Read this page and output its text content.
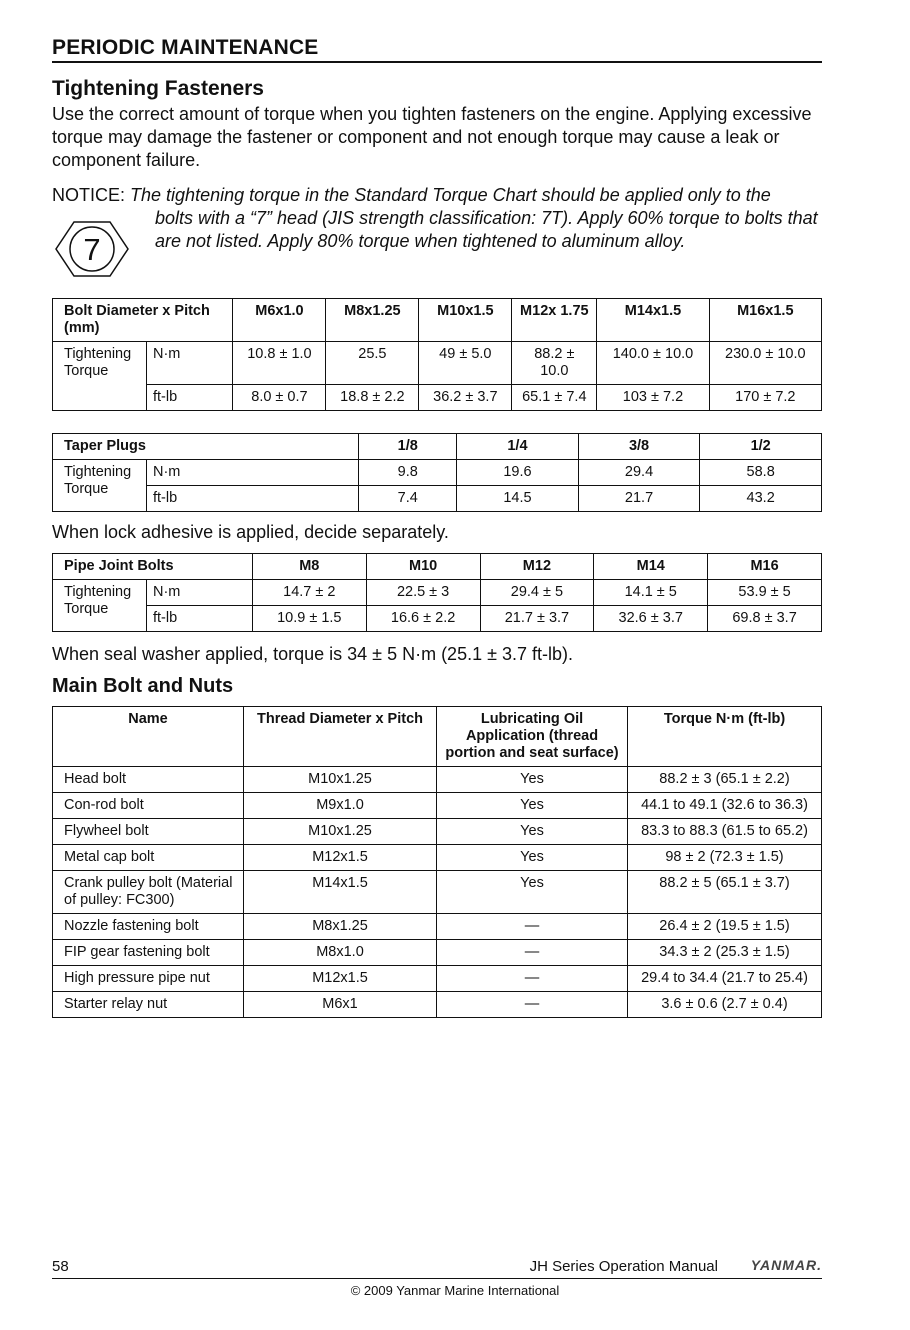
PERIODIC MAINTENANCE
Tightening Fasteners

Use the correct amount of torque when you tighten fasteners on the engine. Applying excessive torque may damage the fastener or component and not enough torque may cause a leak or component failure.

NOTICE: The tightening torque in the Standard Torque Chart should be applied only to the
bolts with a “7” head (JIS strength classification: 7T). Apply 60% torque to bolts that are not listed. Apply 80% torque when tightened to aluminum alloy.
7
Bolt Diameter x Pitch (mm)		M6x1.0	M8x1.25	M10x1.5	M12x 1.75	M14x1.5	M16x1.5
Tightening Torque	N·m	10.8 ± 1.0	25.5	49 ± 5.0	88.2 ± 10.0	140.0 ± 10.0	230.0 ± 10.0
	ft-lb	8.0 ± 0.7	18.8 ± 2.2	36.2 ± 3.7	65.1 ± 7.4	103 ± 7.2	170 ± 7.2
Taper Plugs		1/8	1/4	3/8	1/2
Tightening Torque	N·m	9.8	19.6	29.4	58.8
	ft-lb	7.4	14.5	21.7	43.2

When lock adhesive is applied, decide separately.

Pipe Joint Bolts		M8	M10	M12	M14	M16
Tightening Torque	N·m	14.7 ± 2	22.5 ± 3	29.4 ± 5	14.1 ± 5	53.9 ± 5
	ft-lb	10.9 ± 1.5	16.6 ± 2.2	21.7 ± 3.7	32.6 ± 3.7	69.8 ± 3.7

When seal washer applied, torque is 34 ± 5 N·m (25.1 ± 3.7 ft-lb).

Main Bolt and Nuts
Name	Thread Diameter x Pitch	Lubricating Oil Application (thread portion and seat surface)	Torque N·m (ft-lb)
Head bolt	M10x1.25	Yes	88.2 ± 3 (65.1 ± 2.2)
Con-rod bolt	M9x1.0	Yes	44.1 to 49.1 (32.6 to 36.3)
Flywheel bolt	M10x1.25	Yes	83.3 to 88.3 (61.5 to 65.2)
Metal cap bolt	M12x1.5	Yes	98 ± 2 (72.3 ± 1.5)
Crank pulley bolt (Material of pulley: FC300)	M14x1.5	Yes	88.2 ± 5 (65.1 ± 3.7)
Nozzle fastening bolt	M8x1.25	—	26.4 ± 2 (19.5 ± 1.5)
FIP gear fastening bolt	M8x1.0	—	34.3 ± 2 (25.3 ± 1.5)
High pressure pipe nut	M12x1.5	—	29.4 to 34.4 (21.7 to 25.4)
Starter relay nut	M6x1	—	3.6 ± 0.6 (2.7 ± 0.4)
58	JH Series Operation Manual YANMAR.
© 2009 Yanmar Marine International
